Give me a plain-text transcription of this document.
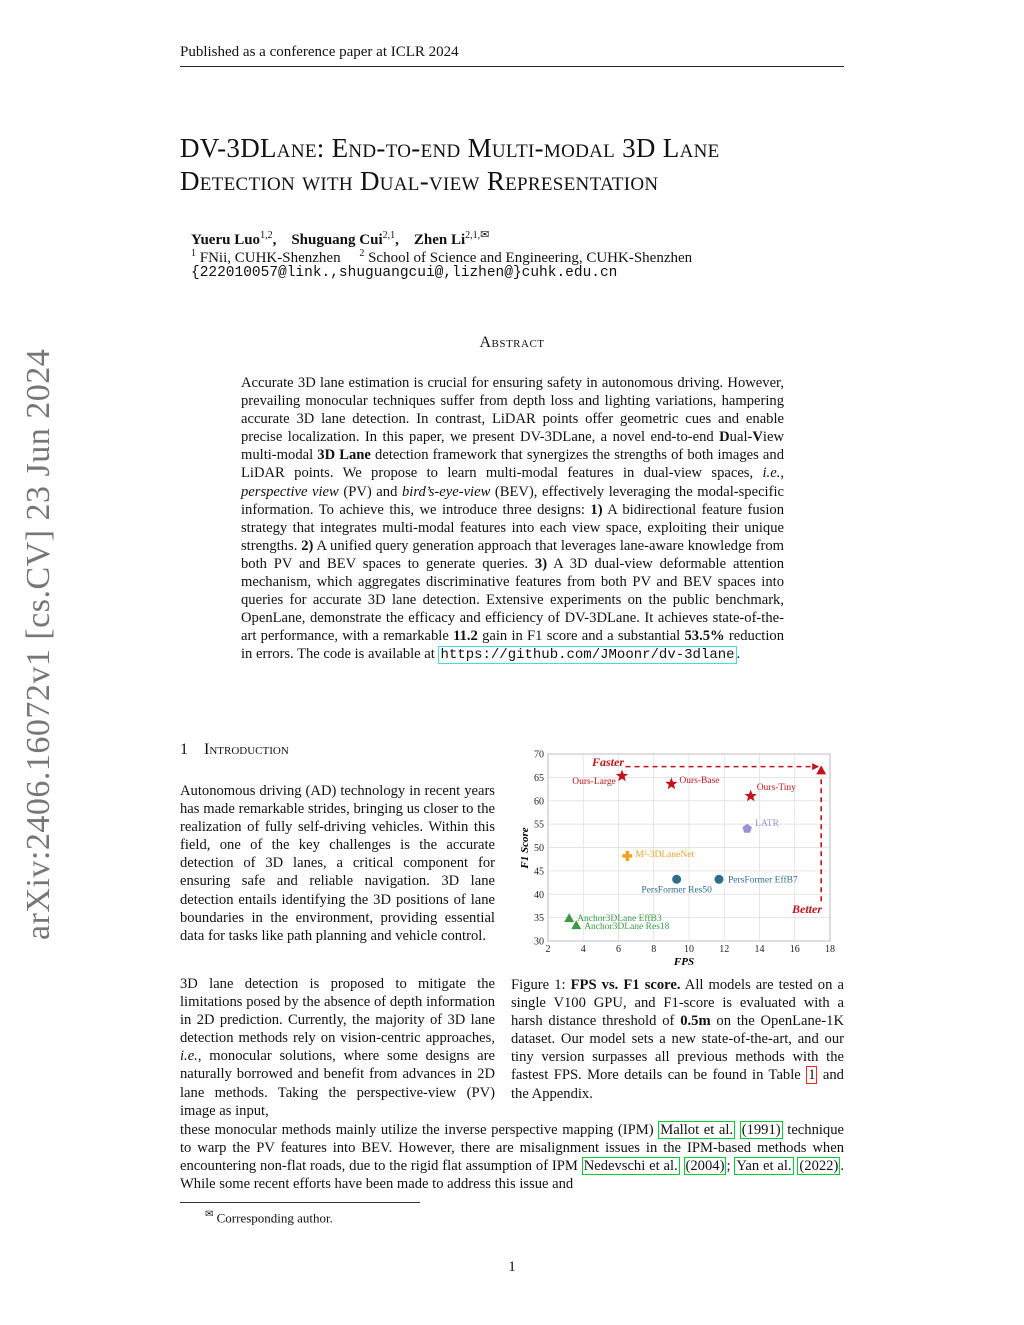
Published as a conference paper at ICLR 2024
DV-3DLane: End-to-end Multi-modal 3D Lane
Detection with Dual-view Representation
Yueru Luo$^{1,2}$,    Shuguang Cui$^{2,1}$,    Zhen $Li^{2,1,✉}$
$^1$ FNii, CUHK-Shenzhen $^2$ School of Science and Engineering, CUHK-Shenzhen
{222010057@link.,shuguangcui@,lizhen@}cuhk.edu.cn
arXiv:2406.16072v1 [cs.CV] 23 Jun 2024
Abstract
Accurate 3D lane estimation is crucial for ensuring safety in autonomous driving. However, prevailing monocular techniques suffer from depth loss and lighting variations, hampering accurate 3D lane detection. In contrast, LiDAR points offer geometric cues and enable precise localization. In this paper, we present DV-3DLane, a novel end-to-end Dual-View multi-modal 3D Lane detection framework that synergizes the strengths of both images and LiDAR points. We propose to learn multi-modal features in dual-view spaces, i.e., perspective view (PV) and bird’s-eye-view (BEV), effectively leveraging the modal-specific information. To achieve this, we introduce three designs: 1) A bidirectional feature fusion strategy that integrates multi-modal features into each view space, exploiting their unique strengths. 2) A unified query generation approach that leverages lane-aware knowledge from both PV and BEV spaces to generate queries. 3) A 3D dual-view deformable attention mechanism, which aggregates discriminative features from both PV and BEV spaces into queries for accurate 3D lane detection. Extensive experiments on the public benchmark, OpenLane, demonstrate the efficacy and efficiency of DV-3DLane. It achieves state-of-the-art performance, with a remarkable 11.2 gain in F1 score and a substantial 53.5% reduction in errors. The code is available at https://github.com/JMoonr/dv-3dlane .
1 Introduction
Autonomous driving (AD) technology in recent years has made remarkable strides, bringing us closer to the realization of fully self-driving vehicles. Within this field, one of the key challenges is the accurate detection of 3D lanes, a critical component for ensuring safe and reliable navigation. 3D lane detection entails identifying the 3D positions of lane boundaries in the environment, providing essential data for tasks like path planning and vehicle control.
3D lane detection is proposed to mitigate the limitations posed by the absence of depth information in 2D prediction. Currently, the majority of 3D lane detection methods rely on vision-centric approaches, i.e., monocular solutions, where some designs are naturally borrowed and benefit from advances in 2D lane methods. Taking the perspective-view (PV) image as input,
these monocular methods mainly utilize the inverse perspective mapping (IPM) Mallot et al. (1991) technique to warp the PV features into BEV. However, there are misalignment issues in the IPM-based methods when encountering non-flat roads, due to the rigid flat assumption of IPM Nedevschi et al. (2004) ; Yan et al. (2022) . While some recent efforts have been made to address this issue and
2	4	6	8	10	12	14	16	18
30
35
40
45
50
55
60
65
70
Ours-Large	Ours-Base
Ours-Tiny
LATR
M²-3DLaneNet
PersFormer EffB7
PersFormer Res50
Anchor3DLane EffB3
Anchor3DLane Res18
FPS
F1 Score
Faster
Better
Figure 1: FPS vs. F1 score. All models are tested on a single V100 GPU, and F1-score is evaluated with a harsh distance threshold of 0.5m on the OpenLane-1K dataset. Our model sets a new state-of-the-art, and our tiny version surpasses all previous methods with the fastest FPS. More details can be found in Table 1 and the Appendix.
✉ Corresponding author.
1
